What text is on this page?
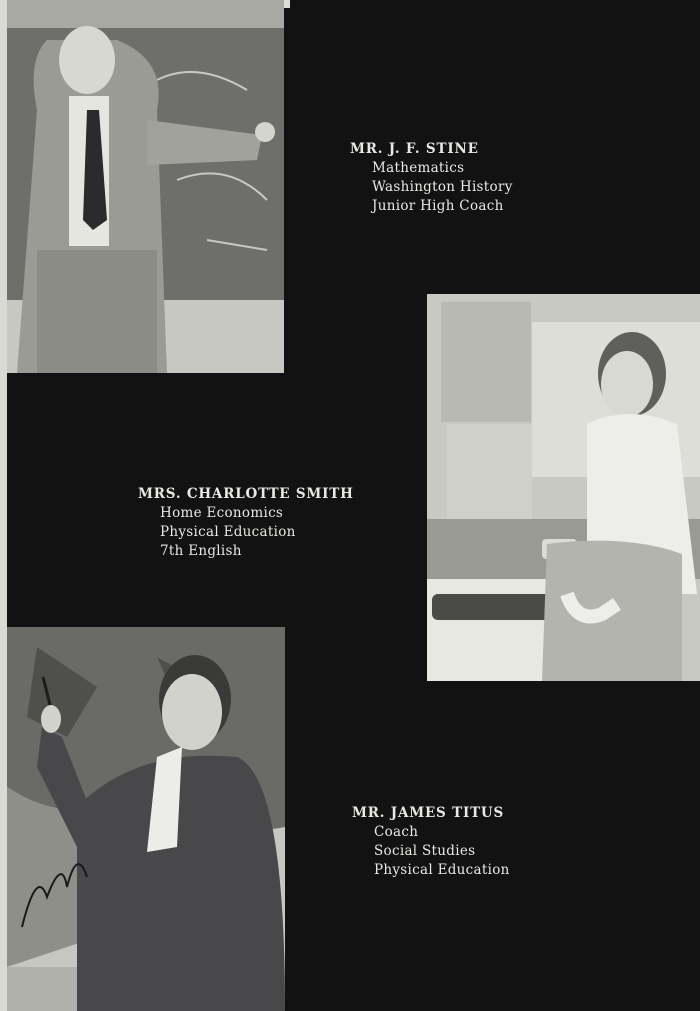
MR. J. F. STINE
Mathematics
Washington History
Junior High Coach
MRS. CHARLOTTE SMITH
Home Economics
Physical Education
7th English
MR. JAMES TITUS
Coach
Social Studies
Physical Education
